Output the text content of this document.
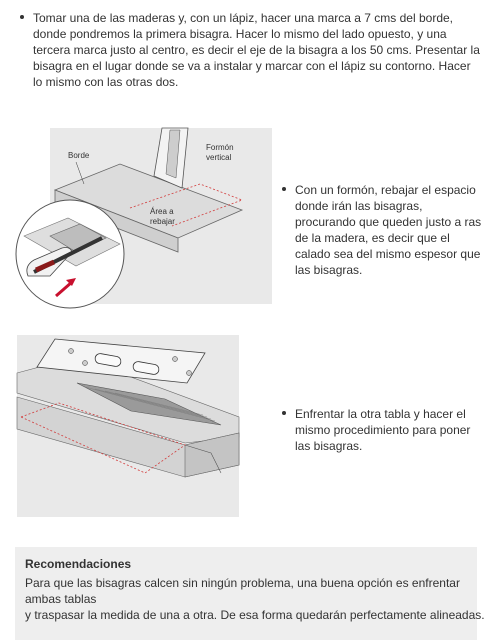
Tomar una de las maderas y, con un lápiz, hacer una marca a 7 cms del borde, donde pondremos la primera bisagra. Hacer lo mismo del lado opuesto, y una tercera marca justo al centro, es decir el eje de la bisagra a los 50 cms. Presentar la bisagra en el lugar donde se va a instalar y marcar con el lápiz su contorno. Hacer lo mismo con las otras dos.
Borde
Formón
vertical
Área a
rebajar
Con un formón, rebajar el espacio donde irán las bisagras, procurando que queden justo a ras de la madera, es decir que el calado sea del mismo espesor que las bisagras.
Enfrentar la otra tabla y hacer el mismo procedimiento para poner las bisagras.
Recomendaciones
Para que las bisagras calcen sin ningún problema, una buena opción es enfrentar
ambas tablas
y traspasar la medida de una a otra. De esa forma quedarán perfectamente alineadas.
